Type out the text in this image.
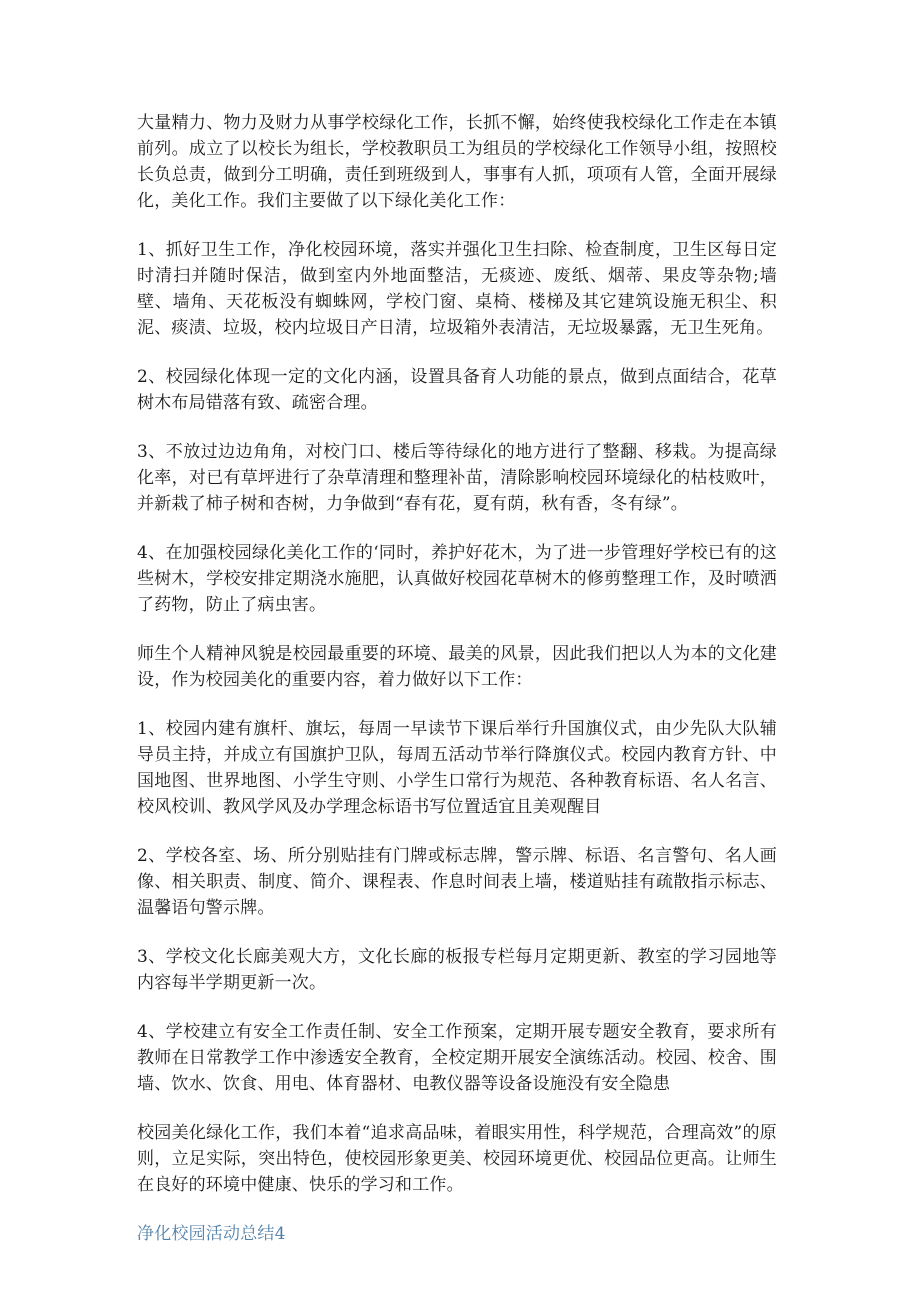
大量精力、物力及财力从事学校绿化工作，长抓不懈，始终使我校绿化工作走在本镇前列。成立了以校长为组长，学校教职员工为组员的学校绿化工作领导小组，按照校长负总责，做到分工明确，责任到班级到人，事事有人抓，项项有人管，全面开展绿化，美化工作。我们主要做了以下绿化美化工作：

1、抓好卫生工作，净化校园环境，落实并强化卫生扫除、检查制度，卫生区每日定时清扫并随时保洁，做到室内外地面整洁，无痰迹、废纸、烟蒂、果皮等杂物;墙壁、墙角、天花板没有蜘蛛网，学校门窗、桌椅、楼梯及其它建筑设施无积尘、积泥、痰渍、垃圾，校内垃圾日产日清，垃圾箱外表清洁，无垃圾暴露，无卫生死角。

2、校园绿化体现一定的文化内涵，设置具备育人功能的景点，做到点面结合，花草树木布局错落有致、疏密合理。

3、不放过边边角角，对校门口、楼后等待绿化的地方进行了整翻、移栽。为提高绿化率，对已有草坪进行了杂草清理和整理补苗，清除影响校园环境绿化的枯枝败叶，并新栽了柿子树和杏树，力争做到“春有花，夏有荫，秋有香，冬有绿”。

4、在加强校园绿化美化工作的‘同时，养护好花木，为了进一步管理好学校已有的这些树木，学校安排定期浇水施肥，认真做好校园花草树木的修剪整理工作，及时喷洒了药物，防止了病虫害。

师生个人精神风貌是校园最重要的环境、最美的风景，因此我们把以人为本的文化建设，作为校园美化的重要内容，着力做好以下工作：

1、校园内建有旗杆、旗坛，每周一早读节下课后举行升国旗仪式，由少先队大队辅导员主持，并成立有国旗护卫队，每周五活动节举行降旗仪式。校园内教育方针、中国地图、世界地图、小学生守则、小学生口常行为规范、各种教育标语、名人名言、校风校训、教风学风及办学理念标语书写位置适宜且美观醒目

2、学校各室、场、所分别贴挂有门牌或标志牌，警示牌、标语、名言警句、名人画像、相关职责、制度、简介、课程表、作息时间表上墙，楼道贴挂有疏散指示标志、温馨语句警示牌。

3、学校文化长廊美观大方，文化长廊的板报专栏每月定期更新、教室的学习园地等内容每半学期更新一次。

4、学校建立有安全工作责任制、安全工作预案，定期开展专题安全教育，要求所有教师在日常教学工作中渗透安全教育，全校定期开展安全演练活动。校园、校舍、围墙、饮水、饮食、用电、体育器材、电教仪器等设备设施没有安全隐患

校园美化绿化工作，我们本着“追求高品味，着眼实用性，科学规范，合理高效”的原则，立足实际，突出特色，使校园形象更美、校园环境更优、校园品位更高。让师生在良好的环境中健康、快乐的学习和工作。

净化校园活动总结4
